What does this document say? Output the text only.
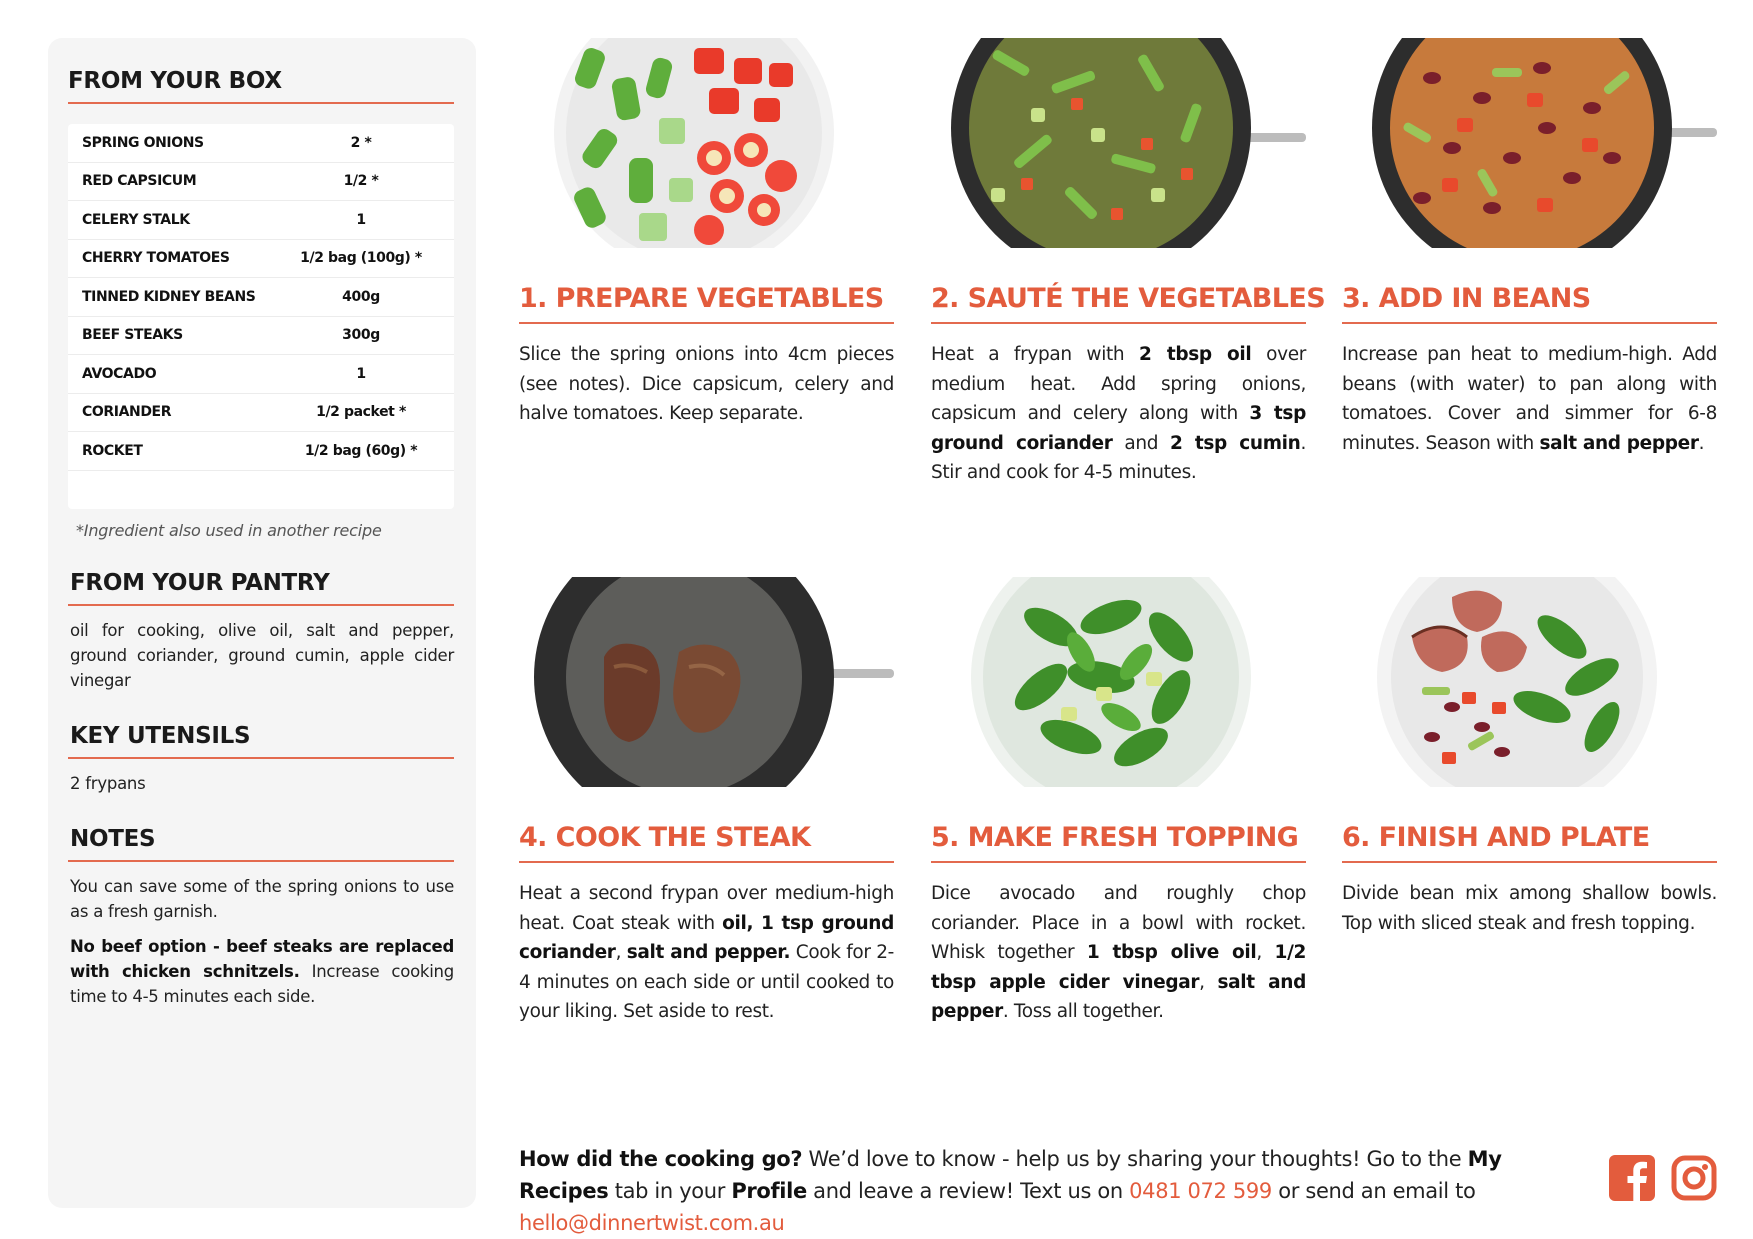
FROM YOUR BOX
SPRING ONIONS	2 *
RED CAPSICUM	1/2 *
CELERY STALK	1
CHERRY TOMATOES	1/2 bag (100g) *
TINNED KIDNEY BEANS	400g
BEEF STEAKS	300g
AVOCADO	1
CORIANDER	1/2 packet *
ROCKET	1/2 bag (60g) *
*Ingredient also used in another recipe
FROM YOUR PANTRY
oil for cooking, olive oil, salt and pepper, ground coriander, ground cumin, apple cider vinegar
KEY UTENSILS
2 frypans
NOTES
You can save some of the spring onions to use as a fresh garnish.
No beef option - beef steaks are replaced with chicken schnitzels. Increase cooking time to 4-5 minutes each side.
1. PREPARE VEGETABLES
Slice the spring onions into 4cm pieces (see notes). Dice capsicum, celery and halve tomatoes. Keep separate.
2. SAUTÉ THE VEGETABLES
Heat a frypan with 2 tbsp oil over medium heat. Add spring onions, capsicum and celery along with 3 tsp ground coriander and 2 tsp cumin. Stir and cook for 4-5 minutes.
3. ADD IN BEANS
Increase pan heat to medium-high. Add beans (with water) to pan along with tomatoes. Cover and simmer for 6-8 minutes. Season with salt and pepper.
4. COOK THE STEAK
Heat a second frypan over medium-high heat. Coat steak with oil, 1 tsp ground coriander, salt and pepper. Cook for 2-4 minutes on each side or until cooked to your liking. Set aside to rest.
5. MAKE FRESH TOPPING
Dice avocado and roughly chop coriander. Place in a bowl with rocket. Whisk together 1 tbsp olive oil, 1/2 tbsp apple cider vinegar, salt and pepper. Toss all together.
6. FINISH AND PLATE
Divide bean mix among shallow bowls. Top with sliced steak and fresh topping.
How did the cooking go? We’d love to know - help us by sharing your thoughts! Go to the My Recipes tab in your Profile and leave a review! Text us on 0481 072 599 or send an email to hello@dinnertwist.com.au
